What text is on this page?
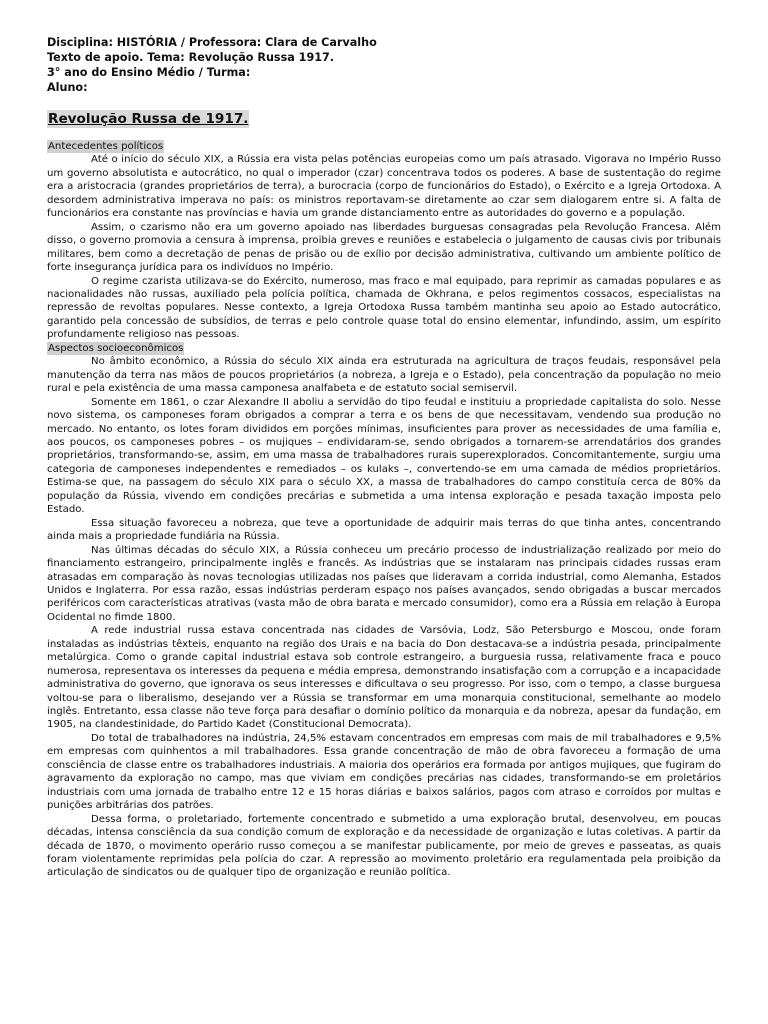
Disciplina: HISTÓRIA / Professora: Clara de Carvalho
Texto de apoio. Tema: Revolução Russa 1917.
3° ano do Ensino Médio / Turma:
Aluno:
Revolução Russa de 1917.
Antecedentes políticos

Até o início do século XIX, a Rússia era vista pelas potências europeias como um país atrasado. Vigorava no Império Russo um governo absolutista e autocrático, no qual o imperador (czar) concentrava todos os poderes. A base de sustentação do regime era a aristocracia (grandes proprietários de terra), a burocracia (corpo de funcionários do Estado), o Exército e a Igreja Ortodoxa. A desordem administrativa imperava no país: os ministros reportavam-se diretamente ao czar sem dialogarem entre si. A falta de funcionários era constante nas províncias e havia um grande distanciamento entre as autoridades do governo e a população.

Assim, o czarismo não era um governo apoiado nas liberdades burguesas consagradas pela Revolução Francesa. Além disso, o governo promovia a censura à imprensa, proibia greves e reuniões e estabelecia o julgamento de causas civis por tribunais militares, bem como a decretação de penas de prisão ou de exílio por decisão administrativa, cultivando um ambiente político de forte insegurança jurídica para os indivíduos no Império.

O regime czarista utilizava-se do Exército, numeroso, mas fraco e mal equipado, para reprimir as camadas populares e as nacionalidades não russas, auxiliado pela polícia política, chamada de Okhrana, e pelos regimentos cossacos, especialistas na repressão de revoltas populares. Nesse contexto, a Igreja Ortodoxa Russa também mantinha seu apoio ao Estado autocrático, garantido pela concessão de subsídios, de terras e pelo controle quase total do ensino elementar, infundindo, assim, um espírito profundamente religioso nas pessoas.

Aspectos socioeconômicos

No âmbito econômico, a Rússia do século XIX ainda era estruturada na agricultura de traços feudais, responsável pela manutenção da terra nas mãos de poucos proprietários (a nobreza, a Igreja e o Estado), pela concentração da população no meio rural e pela existência de uma massa camponesa analfabeta e de estatuto social semiservil.

Somente em 1861, o czar Alexandre II aboliu a servidão do tipo feudal e instituiu a propriedade capitalista do solo. Nesse novo sistema, os camponeses foram obrigados a comprar a terra e os bens de que necessitavam, vendendo sua produção no mercado. No entanto, os lotes foram divididos em porções mínimas, insuficientes para prover as necessidades de uma família e, aos poucos, os camponeses pobres – os mujiques – endividaram-se, sendo obrigados a tornarem-se arrendatários dos grandes proprietários, transformando-se, assim, em uma massa de trabalhadores rurais superexplorados. Concomitantemente, surgiu uma categoria de camponeses independentes e remediados – os kulaks –, convertendo-se em uma camada de médios proprietários. Estima-se que, na passagem do século XIX para o século XX, a massa de trabalhadores do campo constituía cerca de 80% da população da Rússia, vivendo em condições precárias e submetida a uma intensa exploração e pesada taxação imposta pelo Estado.

Essa situação favoreceu a nobreza, que teve a oportunidade de adquirir mais terras do que tinha antes, concentrando ainda mais a propriedade fundiária na Rússia.

Nas últimas décadas do século XIX, a Rússia conheceu um precário processo de industrialização realizado por meio do financiamento estrangeiro, principalmente inglês e francês. As indústrias que se instalaram nas principais cidades russas eram atrasadas em comparação às novas tecnologias utilizadas nos países que lideravam a corrida industrial, como Alemanha, Estados Unidos e Inglaterra. Por essa razão, essas indústrias perderam espaço nos países avançados, sendo obrigadas a buscar mercados periféricos com características atrativas (vasta mão de obra barata e mercado consumidor), como era a Rússia em relação à Europa Ocidental no fimde 1800.

A rede industrial russa estava concentrada nas cidades de Varsóvia, Lodz, São Petersburgo e Moscou, onde foram instaladas as indústrias têxteis, enquanto na região dos Urais e na bacia do Don destacava-se a indústria pesada, principalmente metalúrgica. Como o grande capital industrial estava sob controle estrangeiro, a burguesia russa, relativamente fraca e pouco numerosa, representava os interesses da pequena e média empresa, demonstrando insatisfação com a corrupção e a incapacidade administrativa do governo, que ignorava os seus interesses e dificultava o seu progresso. Por isso, com o tempo, a classe burguesa voltou-se para o liberalismo, desejando ver a Rússia se transformar em uma monarquia constitucional, semelhante ao modelo inglês. Entretanto, essa classe não teve força para desafiar o domínio político da monarquia e da nobreza, apesar da fundação, em 1905, na clandestinidade, do Partido Kadet (Constitucional Democrata).

Do total de trabalhadores na indústria, 24,5% estavam concentrados em empresas com mais de mil trabalhadores e 9,5% em empresas com quinhentos a mil trabalhadores. Essa grande concentração de mão de obra favoreceu a formação de uma consciência de classe entre os trabalhadores industriais. A maioria dos operários era formada por antigos mujiques, que fugiram do agravamento da exploração no campo, mas que viviam em condições precárias nas cidades, transformando-se em proletários industriais com uma jornada de trabalho entre 12 e 15 horas diárias e baixos salários, pagos com atraso e corroídos por multas e punições arbitrárias dos patrões.

Dessa forma, o proletariado, fortemente concentrado e submetido a uma exploração brutal, desenvolveu, em poucas décadas, intensa consciência da sua condição comum de exploração e da necessidade de organização e lutas coletivas. A partir da década de 1870, o movimento operário russo começou a se manifestar publicamente, por meio de greves e passeatas, as quais foram violentamente reprimidas pela polícia do czar. A repressão ao movimento proletário era regulamentada pela proibição da articulação de sindicatos ou de qualquer tipo de organização e reunião política.
